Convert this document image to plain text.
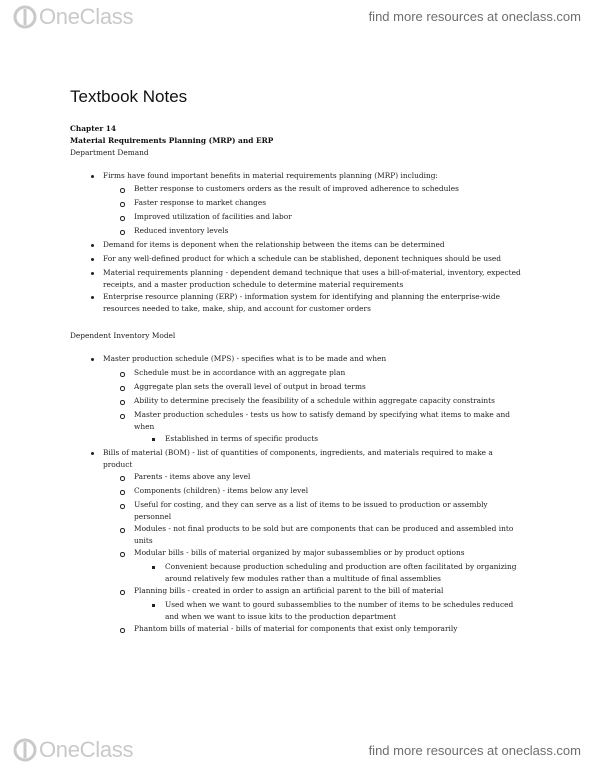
OneClass	find more resources at oneclass.com
Textbook Notes
Chapter 14
Material Requirements Planning (MRP) and ERP
Department Demand
Firms have found important benefits in material requirements planning (MRP) including:
Better response to customers orders as the result of improved adherence to schedules
Faster response to market changes
Improved utilization of facilities and labor
Reduced inventory levels
Demand for items is deponent when the relationship between the items can be determined
For any well-defined product for which a schedule can be stablished, deponent techniques should be used
Material requirements planning - dependent demand technique that uses a bill-of-material, inventory, expected
receipts, and a master production schedule to determine material requirements
Enterprise resource planning (ERP) - information system for identifying and planning the enterprise-wide
resources needed to take, make, ship, and account for customer orders
Dependent Inventory Model
Master production schedule (MPS) - specifies what is to be made and when
Schedule must be in accordance with an aggregate plan
Aggregate plan sets the overall level of output in broad terms
Ability to determine precisely the feasibility of a schedule within aggregate capacity constraints
Master production schedules - tests us how to satisfy demand by specifying what items to make and
when
Established in terms of specific products
Bills of material (BOM) - list of quantities of components, ingredients, and materials required to make a
product
Parents - items above any level
Components (children) - items below any level
Useful for costing, and they can serve as a list of items to be issued to production or assembly
personnel
Modules - not final products to be sold but are components that can be produced and assembled into
units
Modular bills - bills of material organized by major subassemblies or by product options
Convenient because production scheduling and production are often facilitated by organizing
around relatively few modules rather than a multitude of final assemblies
Planning bills - created in order to assign an artificial parent to the bill of material
Used when we want to gourd subassemblies to the number of items to be schedules reduced
and when we want to issue kits to the production department
Phantom bills of material - bills of material for components that exist only temporarily
OneClass	find more resources at oneclass.com
